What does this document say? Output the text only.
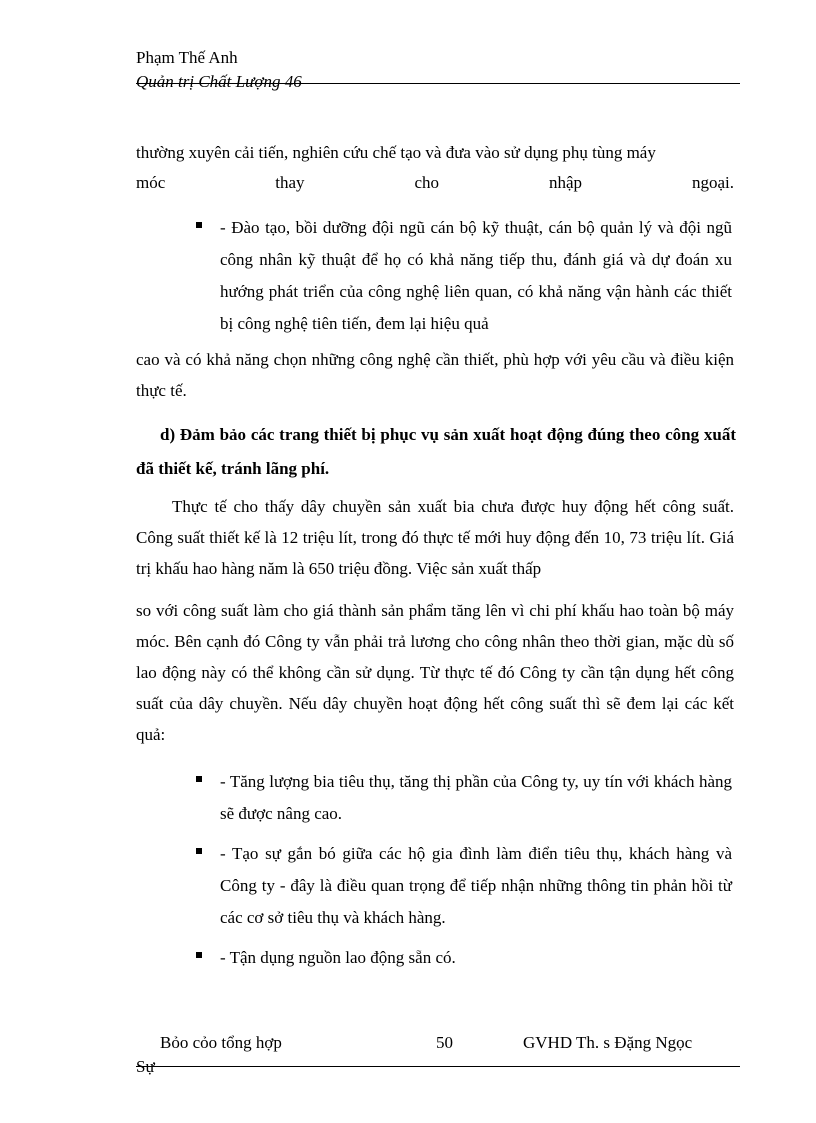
Phạm Thế Anh
Quản trị Chất Lượng 46
thường xuyên cải tiến, nghiên cứu chế tạo và đưa vào sử dụng phụ tùng máy
móc	thay	cho	nhập	ngoại.

- Đào tạo, bồi dưỡng đội ngũ cán bộ kỹ thuật, cán bộ quản lý và đội ngũ công nhân kỹ thuật để họ có khả năng tiếp thu, đánh giá và dự đoán xu hướng phát triển của công nghệ liên quan, có khả năng vận hành các thiết bị công nghệ tiên tiến, đem lại hiệu quả

cao và có khả năng chọn những công nghệ cần thiết, phù hợp với yêu cầu và điều kiện thực tế.

d) Đảm bảo các trang thiết bị phục vụ sản xuất hoạt động đúng theo công xuất đã thiết kế, tránh lãng phí.

Thực tế cho thấy dây chuyền sản xuất bia chưa được huy động hết công suất. Công suất thiết kế là 12 triệu lít, trong đó thực tế mới huy động đến 10, 73 triệu lít. Giá trị khấu hao hàng năm là 650 triệu đồng. Việc sản xuất thấp

so với công suất làm cho giá thành sản phẩm tăng lên vì chi phí khấu hao toàn bộ máy móc. Bên cạnh đó Công ty vẫn phải trả lương cho công nhân theo thời gian, mặc dù số lao động này có thể không cần sử dụng. Từ thực tế đó Công ty cần tận dụng hết công suất của dây chuyền. Nếu dây chuyền hoạt động hết công suất thì sẽ đem lại các kết quả:

- Tăng lượng bia tiêu thụ, tăng thị phần của Công ty, uy tín với khách hàng sẽ được nâng cao.

- Tạo sự gắn bó giữa các hộ gia đình làm điển tiêu thụ, khách hàng và Công ty - đây là điều quan trọng để tiếp nhận những thông tin phản hồi từ các cơ sở tiêu thụ và khách hàng.

- Tận dụng nguồn lao động sẵn có.

Bỏo cỏo tổng hợp	50	GVHD Th. s Đặng Ngọc
Sự
